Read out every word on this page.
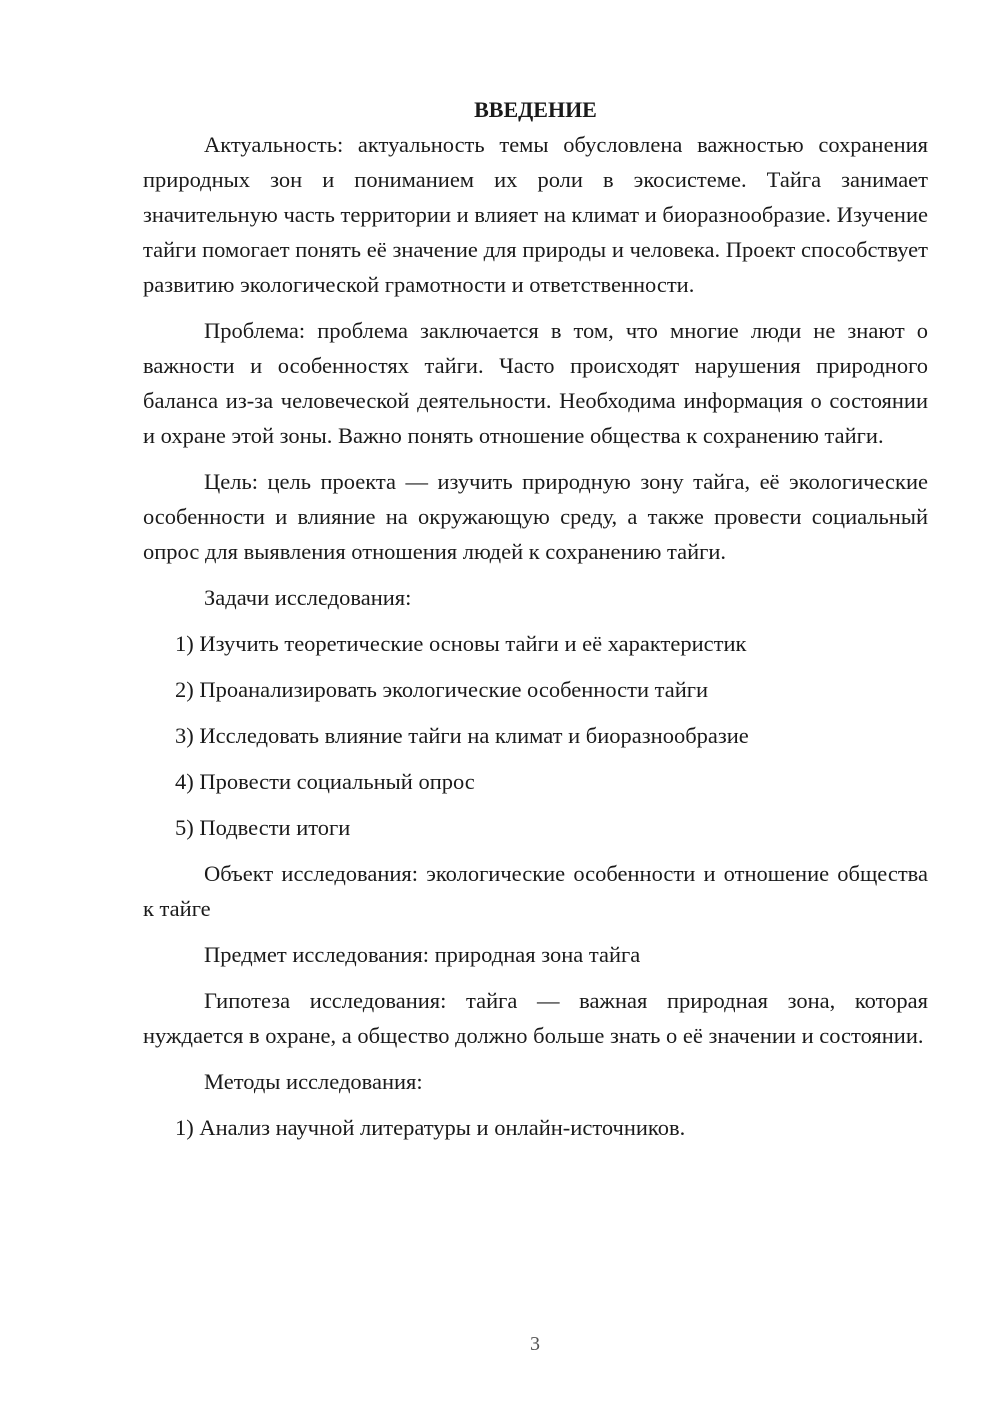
ВВЕДЕНИЕ

Актуальность: актуальность темы обусловлена важностью сохранения природных зон и пониманием их роли в экосистеме. Тайга занимает значительную часть территории и влияет на климат и биоразнообразие. Изучение тайги помогает понять её значение для природы и человека. Проект способствует развитию экологической грамотности и ответственности.

Проблема: проблема заключается в том, что многие люди не знают о важности и особенностях тайги. Часто происходят нарушения природного баланса из-за человеческой деятельности. Необходима информация о состоянии и охране этой зоны. Важно понять отношение общества к сохранению тайги.

Цель: цель проекта — изучить природную зону тайга, её экологические особенности и влияние на окружающую среду, а также провести социальный опрос для выявления отношения людей к сохранению тайги.

Задачи исследования:

1) Изучить теоретические основы тайги и её характеристик

2) Проанализировать экологические особенности тайги

3) Исследовать влияние тайги на климат и биоразнообразие

4) Провести социальный опрос

5) Подвести итоги

Объект исследования: экологические особенности и отношение общества к тайге

Предмет исследования: природная зона тайга

Гипотеза исследования: тайга — важная природная зона, которая нуждается в охране, а общество должно больше знать о её значении и состоянии.

Методы исследования:

1) Анализ научной литературы и онлайн-источников.

3
